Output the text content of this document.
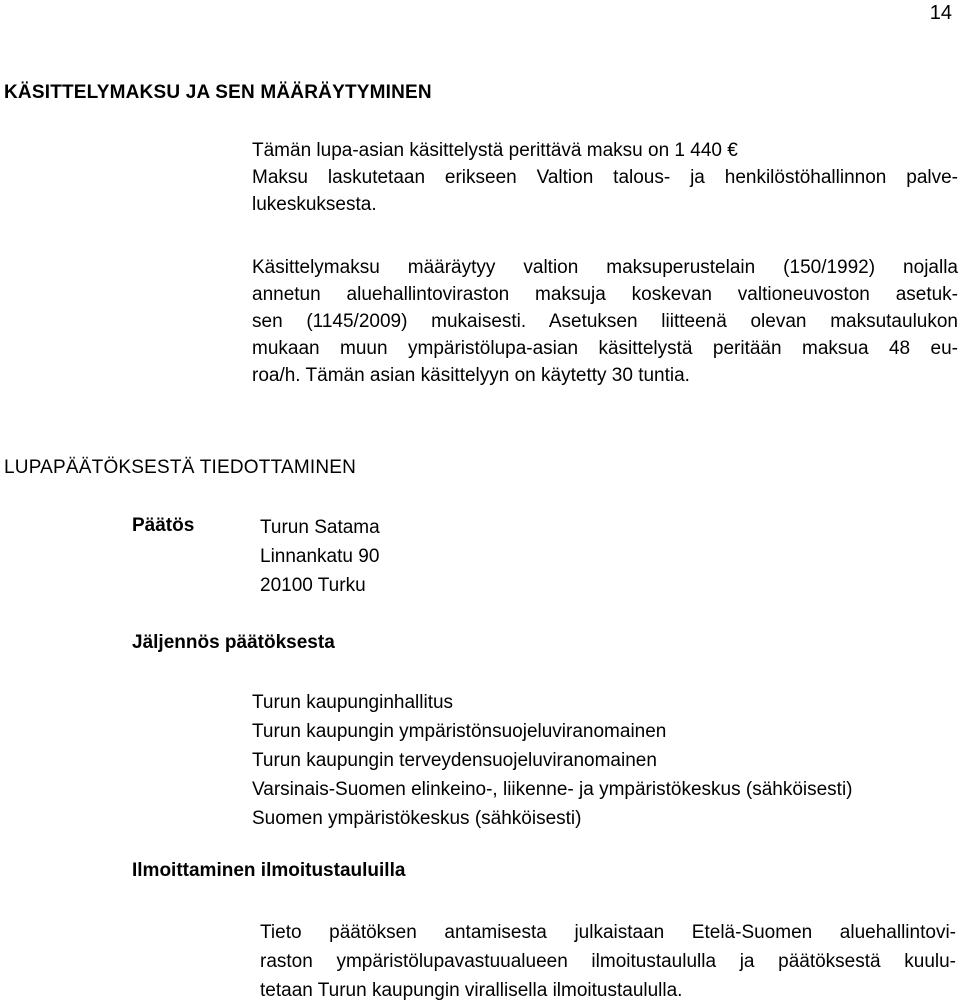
14
KÄSITTELYMAKSU JA SEN MÄÄRÄYTYMINEN
Tämän lupa-asian käsittelystä perittävä maksu on 1 440 €
Maksu laskutetaan erikseen Valtion talous- ja henkilöstöhallinnon palve-
lukeskuksesta.
Käsittelymaksu määräytyy valtion maksuperustelain (150/1992) nojalla
annetun aluehallintoviraston maksuja koskevan valtioneuvoston asetuk-
sen (1145/2009) mukaisesti. Asetuksen liitteenä olevan maksutaulukon
mukaan muun ympäristölupa-asian käsittelystä peritään maksua 48 eu-
roa/h. Tämän asian käsittelyyn on käytetty 30 tuntia.
LUPAPÄÄTÖKSESTÄ TIEDOTTAMINEN
Päätös	Turun Satama
Linnankatu 90
20100 Turku
Jäljennös päätöksesta
Turun kaupunginhallitus
Turun kaupungin ympäristönsuojeluviranomainen
Turun kaupungin terveydensuojeluviranomainen
Varsinais-Suomen elinkeino-, liikenne- ja ympäristökeskus (sähköisesti)
Suomen ympäristökeskus (sähköisesti)
Ilmoittaminen ilmoitustauluilla
Tieto päätöksen antamisesta julkaistaan Etelä-Suomen aluehallintovi-
raston ympäristölupavastuualueen ilmoitustaululla ja päätöksestä kuulu-
tetaan Turun kaupungin virallisella ilmoitustaululla.
